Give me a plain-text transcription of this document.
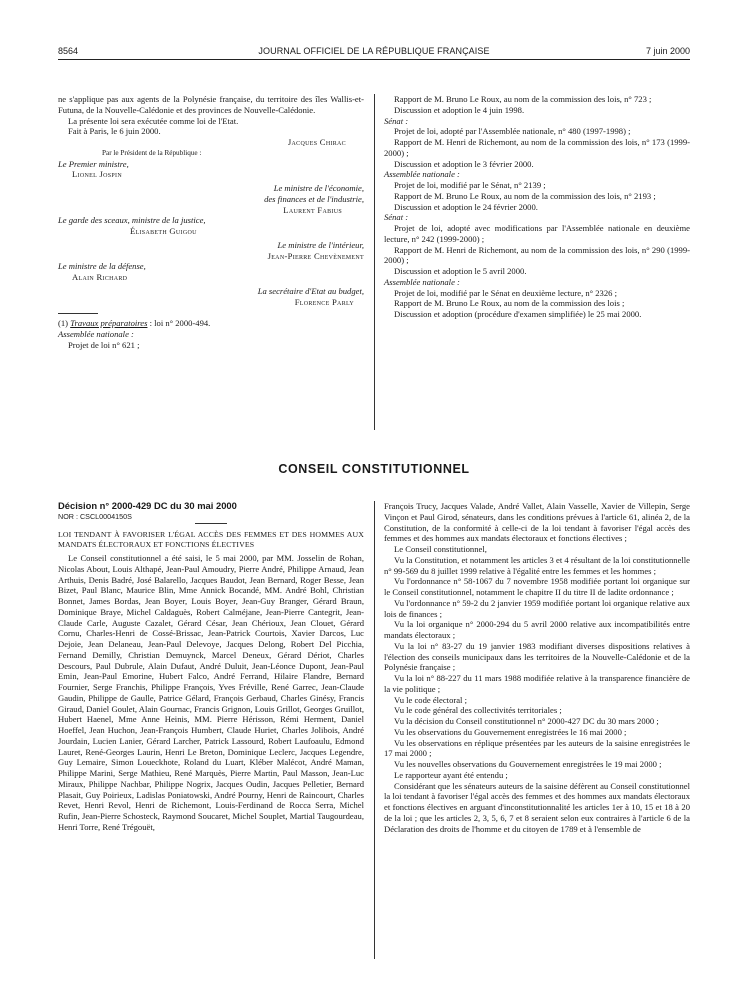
8564	JOURNAL OFFICIEL DE LA RÉPUBLIQUE FRANÇAISE	7 juin 2000

ne s'applique pas aux agents de la Polynésie française, du territoire des îles Wallis-et-Futuna, de la Nouvelle-Calédonie et des provinces de Nouvelle-Calédonie.

La présente loi sera exécutée comme loi de l'Etat.

Fait à Paris, le 6 juin 2000.

Jacques Chirac

Par le Président de la République :

Le Premier ministre,

Lionel Jospin

Le ministre de l'économie,

des finances et de l'industrie,

Laurent Fabius

Le garde des sceaux, ministre de la justice,

Élisabeth Guigou

Le ministre de l'intérieur,

Jean-Pierre Chevènement

Le ministre de la défense,

Alain Richard

La secrétaire d'Etat au budget,

Florence Parly

(1) Travaux préparatoires : loi n° 2000-494.

Assemblée nationale :

Projet de loi n° 621 ;

Rapport de M. Bruno Le Roux, au nom de la commission des lois, n° 723 ;

Discussion et adoption le 4 juin 1998.

Sénat :

Projet de loi, adopté par l'Assemblée nationale, n° 480 (1997-1998) ;

Rapport de M. Henri de Richemont, au nom de la commission des lois, n° 173 (1999-2000) ;

Discussion et adoption le 3 février 2000.

Assemblée nationale :

Projet de loi, modifié par le Sénat, n° 2139 ;

Rapport de M. Bruno Le Roux, au nom de la commission des lois, n° 2193 ;

Discussion et adoption le 24 février 2000.

Sénat :

Projet de loi, adopté avec modifications par l'Assemblée nationale en deuxième lecture, n° 242 (1999-2000) ;

Rapport de M. Henri de Richemont, au nom de la commission des lois, n° 290 (1999-2000) ;

Discussion et adoption le 5 avril 2000.

Assemblée nationale :

Projet de loi, modifié par le Sénat en deuxième lecture, n° 2326 ;

Rapport de M. Bruno Le Roux, au nom de la commission des lois ;

Discussion et adoption (procédure d'examen simplifiée) le 25 mai 2000.

CONSEIL CONSTITUTIONNEL

Décision n° 2000-429 DC du 30 mai 2000

NOR : CSCL0004150S

LOI TENDANT À FAVORISER L'ÉGAL ACCÈS DES FEMMES ET DES HOMMES AUX MANDATS ÉLECTORAUX ET FONCTIONS ÉLECTIVES

Le Conseil constitutionnel a été saisi, le 5 mai 2000, par MM. Josselin de Rohan, Nicolas About, Louis Althapé, Jean-Paul Amoudry, Pierre André, Philippe Arnaud, Jean Arthuis, Denis Badré, José Balarello, Jacques Baudot, Jean Bernard, Roger Besse, Jean Bizet, Paul Blanc, Maurice Blin, Mme Annick Bocandé, MM. André Bohl, Christian Bonnet, James Bordas, Jean Boyer, Louis Boyer, Jean-Guy Branger, Gérard Braun, Dominique Braye, Michel Caldaguès, Robert Calméjane, Jean-Pierre Cantegrit, Jean-Claude Carle, Auguste Cazalet, Gérard César, Jean Chérioux, Jean Clouet, Gérard Cornu, Charles-Henri de Cossé-Brissac, Jean-Patrick Courtois, Xavier Darcos, Luc Dejoie, Jean Delaneau, Jean-Paul Delevoye, Jacques Delong, Robert Del Picchia, Fernand Demilly, Christian Demuynck, Marcel Deneux, Gérard Dériot, Charles Descours, Paul Dubrule, Alain Dufaut, André Duluit, Jean-Léonce Dupont, Jean-Paul Emin, Jean-Paul Emorine, Hubert Falco, André Ferrand, Hilaire Flandre, Bernard Fournier, Serge Franchis, Philippe François, Yves Fréville, René Garrec, Jean-Claude Gaudin, Philippe de Gaulle, Patrice Gélard, François Gerbaud, Charles Ginésy, Francis Giraud, Daniel Goulet, Alain Gournac, Francis Grignon, Louis Grillot, Georges Gruillot, Hubert Haenel, Mme Anne Heinis, MM. Pierre Hérisson, Rémi Herment, Daniel Hoeffel, Jean Huchon, Jean-François Humbert, Claude Huriet, Charles Jolibois, André Jourdain, Lucien Lanier, Gérard Larcher, Patrick Lassourd, Robert Laufoaulu, Edmond Lauret, René-Georges Laurin, Henri Le Breton, Dominique Leclerc, Jacques Legendre, Guy Lemaire, Simon Loueckhote, Roland du Luart, Kléber Malécot, André Maman, Philippe Marini, Serge Mathieu, René Marquès, Pierre Martin, Paul Masson, Jean-Luc Miraux, Philippe Nachbar, Philippe Nogrix, Jacques Oudin, Jacques Pelletier, Bernard Plasait, Guy Poirieux, Ladislas Poniatowski, André Pourny, Henri de Raincourt, Charles Revet, Henri Revol, Henri de Richemont, Louis-Ferdinand de Rocca Serra, Michel Rufin, Jean-Pierre Schosteck, Raymond Soucaret, Michel Souplet, Martial Taugourdeau, Henri Torre, René Trégouët,

François Trucy, Jacques Valade, André Vallet, Alain Vasselle, Xavier de Villepin, Serge Vinçon et Paul Girod, sénateurs, dans les conditions prévues à l'article 61, alinéa 2, de la Constitution, de la conformité à celle-ci de la loi tendant à favoriser l'égal accès des femmes et des hommes aux mandats électoraux et fonctions électives ;

Le Conseil constitutionnel,

Vu la Constitution, et notamment les articles 3 et 4 résultant de la loi constitutionnelle n° 99-569 du 8 juillet 1999 relative à l'égalité entre les femmes et les hommes ;

Vu l'ordonnance n° 58-1067 du 7 novembre 1958 modifiée portant loi organique sur le Conseil constitutionnel, notamment le chapitre II du titre II de ladite ordonnance ;

Vu l'ordonnance n° 59-2 du 2 janvier 1959 modifiée portant loi organique relative aux lois de finances ;

Vu la loi organique n° 2000-294 du 5 avril 2000 relative aux incompatibilités entre mandats électoraux ;

Vu la loi n° 83-27 du 19 janvier 1983 modifiant diverses dispositions relatives à l'élection des conseils municipaux dans les territoires de la Nouvelle-Calédonie et de la Polynésie française ;

Vu la loi n° 88-227 du 11 mars 1988 modifiée relative à la transparence financière de la vie politique ;

Vu le code électoral ;

Vu le code général des collectivités territoriales ;

Vu la décision du Conseil constitutionnel n° 2000-427 DC du 30 mars 2000 ;

Vu les observations du Gouvernement enregistrées le 16 mai 2000 ;

Vu les observations en réplique présentées par les auteurs de la saisine enregistrées le 17 mai 2000 ;

Vu les nouvelles observations du Gouvernement enregistrées le 19 mai 2000 ;

Le rapporteur ayant été entendu ;

Considérant que les sénateurs auteurs de la saisine défèrent au Conseil constitutionnel la loi tendant à favoriser l'égal accès des femmes et des hommes aux mandats électoraux et fonctions électives en arguant d'inconstitutionnalité les articles 1er à 10, 15 et 18 à 20 de la loi ; que les articles 2, 3, 5, 6, 7 et 8 seraient selon eux contraires à l'article 6 de la Déclaration des droits de l'homme et du citoyen de 1789 et à l'ensemble de
